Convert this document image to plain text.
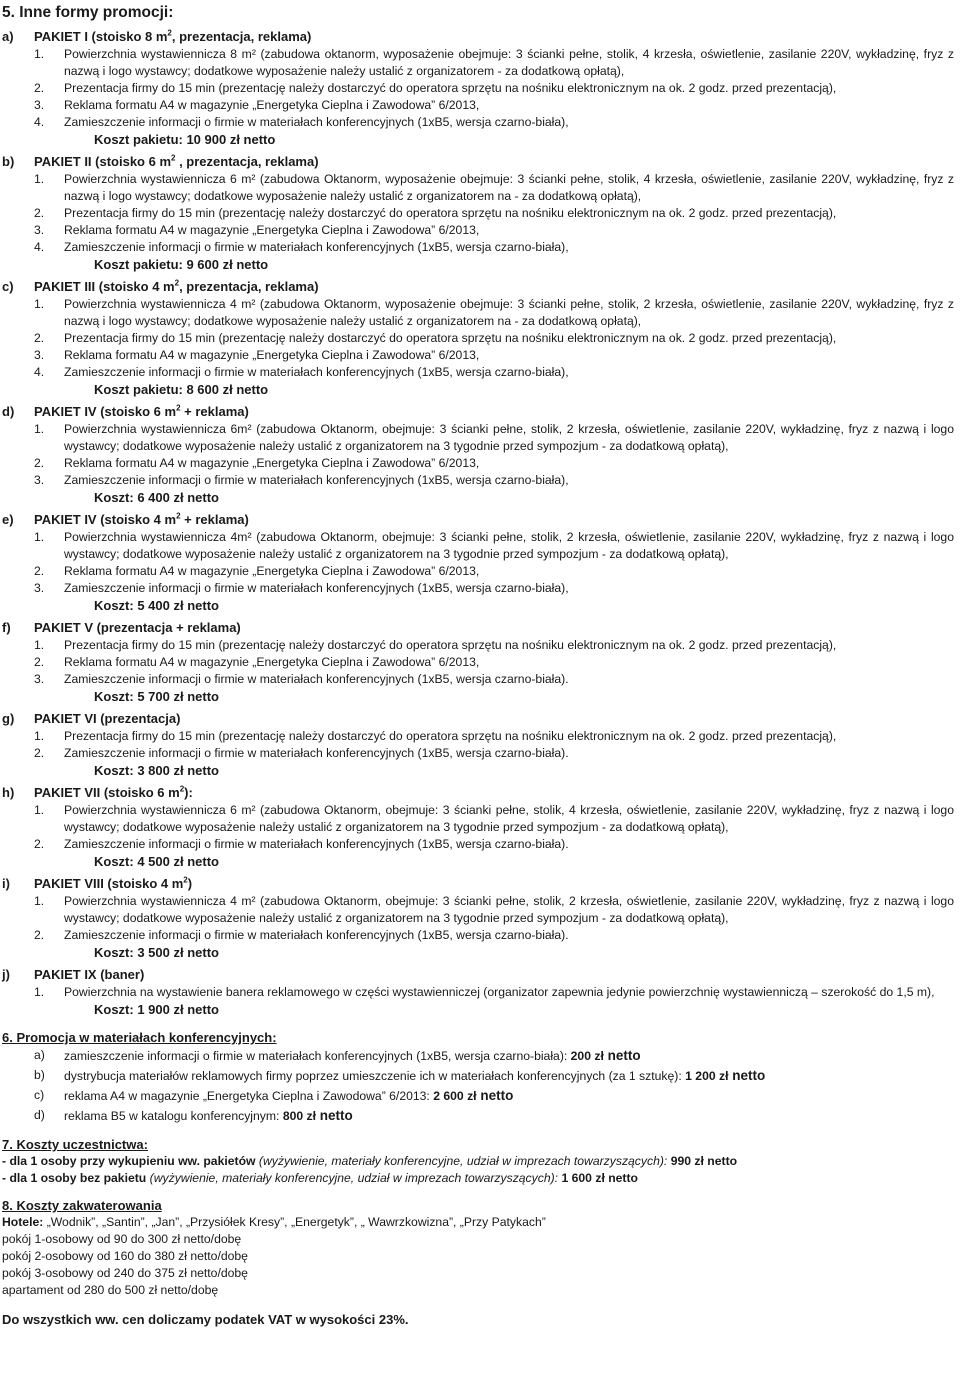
5. Inne formy promocji:
a)	PAKIET I (stoisko 8 $m^2$, prezentacja, reklama)
1.	Powierzchnia wystawiennicza 8 m² (zabudowa oktanorm, wyposażenie obejmuje: 3 ścianki pełne, stolik, 4 krzesła, oświetlenie, zasilanie 220V, wykładzinę, fryz z nazwą i logo wystawcy; dodatkowe wyposażenie należy ustalić z organizatorem - za dodatkową opłatą),
2.	Prezentacja firmy do 15 min (prezentację należy dostarczyć do operatora sprzętu na nośniku elektronicznym na ok. 2 godz. przed prezentacją),
3.	Reklama formatu A4 w magazynie „Energetyka Cieplna i Zawodowa” 6/2013,
4.	Zamieszczenie informacji o firmie w materiałach konferencyjnych (1xB5, wersja czarno-biała),
Koszt pakietu: 10 900 zł netto
b)	PAKIET II (stoisko 6 $m^2$ , prezentacja, reklama)
1.	Powierzchnia wystawiennicza 6 m² (zabudowa Oktanorm, wyposażenie obejmuje: 3 ścianki pełne, stolik, 4 krzesła, oświetlenie, zasilanie 220V, wykładzinę, fryz z nazwą i logo wystawcy; dodatkowe wyposażenie należy ustalić z organizatorem na - za dodatkową opłatą),
2.	Prezentacja firmy do 15 min (prezentację należy dostarczyć do operatora sprzętu na nośniku elektronicznym na ok. 2 godz. przed prezentacją),
3.	Reklama formatu A4 w magazynie „Energetyka Cieplna i Zawodowa” 6/2013,
4.	Zamieszczenie informacji o firmie w materiałach konferencyjnych (1xB5, wersja czarno-biała),
Koszt pakietu: 9 600 zł netto
c)	PAKIET III (stoisko 4 $m^2$, prezentacja, reklama)
1.	Powierzchnia wystawiennicza 4 m² (zabudowa Oktanorm, wyposażenie obejmuje: 3 ścianki pełne, stolik, 2 krzesła, oświetlenie, zasilanie 220V, wykładzinę, fryz z nazwą i logo wystawcy; dodatkowe wyposażenie należy ustalić z organizatorem na - za dodatkową opłatą),
2.	Prezentacja firmy do 15 min (prezentację należy dostarczyć do operatora sprzętu na nośniku elektronicznym na ok. 2 godz. przed prezentacją),
3.	Reklama formatu A4 w magazynie „Energetyka Cieplna i Zawodowa” 6/2013,
4.	Zamieszczenie informacji o firmie w materiałach konferencyjnych (1xB5, wersja czarno-biała),
Koszt pakietu: 8 600 zł netto
d)	PAKIET IV (stoisko 6 $m^2$ + reklama)
1.	Powierzchnia wystawiennicza 6m² (zabudowa Oktanorm, obejmuje: 3 ścianki pełne, stolik, 2 krzesła, oświetlenie, zasilanie 220V, wykładzinę, fryz z nazwą i logo wystawcy; dodatkowe wyposażenie należy ustalić z organizatorem na 3 tygodnie przed sympozjum - za dodatkową opłatą),
2.	Reklama formatu A4 w magazynie „Energetyka Cieplna i Zawodowa” 6/2013,
3.	Zamieszczenie informacji o firmie w materiałach konferencyjnych (1xB5, wersja czarno-biała),
Koszt: 6 400 zł netto
e)	PAKIET IV (stoisko 4 $m^2$ + reklama)
1.	Powierzchnia wystawiennicza 4m² (zabudowa Oktanorm, obejmuje: 3 ścianki pełne, stolik, 2 krzesła, oświetlenie, zasilanie 220V, wykładzinę, fryz z nazwą i logo wystawcy; dodatkowe wyposażenie należy ustalić z organizatorem na 3 tygodnie przed sympozjum - za dodatkową opłatą),
2.	Reklama formatu A4 w magazynie „Energetyka Cieplna i Zawodowa” 6/2013,
3.	Zamieszczenie informacji o firmie w materiałach konferencyjnych (1xB5, wersja czarno-biała),
Koszt: 5 400 zł netto
f)	PAKIET V (prezentacja + reklama)
1.	Prezentacja firmy do 15 min (prezentację należy dostarczyć do operatora sprzętu na nośniku elektronicznym na ok. 2 godz. przed prezentacją),
2.	Reklama formatu A4 w magazynie „Energetyka Cieplna i Zawodowa” 6/2013,
3.	Zamieszczenie informacji o firmie w materiałach konferencyjnych (1xB5, wersja czarno-biała).
Koszt: 5 700 zł netto
g)	PAKIET VI (prezentacja)
1.	Prezentacja firmy do 15 min (prezentację należy dostarczyć do operatora sprzętu na nośniku elektronicznym na ok. 2 godz. przed prezentacją),
2.	Zamieszczenie informacji o firmie w materiałach konferencyjnych (1xB5, wersja czarno-biała).
Koszt: 3 800 zł netto
h)	PAKIET VII (stoisko 6 $m^2$):
1.	Powierzchnia wystawiennicza 6 m² (zabudowa Oktanorm, obejmuje: 3 ścianki pełne, stolik, 4 krzesła, oświetlenie, zasilanie 220V, wykładzinę, fryz z nazwą i logo wystawcy; dodatkowe wyposażenie należy ustalić z organizatorem na 3 tygodnie przed sympozjum - za dodatkową opłatą),
2.	Zamieszczenie informacji o firmie w materiałach konferencyjnych (1xB5, wersja czarno-biała).
Koszt: 4 500 zł netto
i)	PAKIET VIII (stoisko 4 $m^2$)
1.	Powierzchnia wystawiennicza 4 m² (zabudowa Oktanorm, obejmuje: 3 ścianki pełne, stolik, 2 krzesła, oświetlenie, zasilanie 220V, wykładzinę, fryz z nazwą i logo wystawcy; dodatkowe wyposażenie należy ustalić z organizatorem na 3 tygodnie przed sympozjum - za dodatkową opłatą),
2.	Zamieszczenie informacji o firmie w materiałach konferencyjnych (1xB5, wersja czarno-biała).
Koszt: 3 500 zł netto
j)	PAKIET IX (baner)
1.	Powierzchnia na wystawienie banera reklamowego w części wystawienniczej (organizator zapewnia jedynie powierzchnię wystawienniczą – szerokość do 1,5 m),
Koszt: 1 900 zł netto
6. Promocja w materiałach konferencyjnych:
a)	zamieszczenie informacji o firmie w materiałach konferencyjnych (1xB5, wersja czarno-biała): 200 zł netto
b)	dystrybucja materiałów reklamowych firmy poprzez umieszczenie ich w materiałach konferencyjnych (za 1 sztukę): 1 200 zł netto
c)	reklama A4 w magazynie „Energetyka Cieplna i Zawodowa” 6/2013: 2 600 zł netto
d)	reklama B5 w katalogu konferencyjnym: 800 zł netto
7. Koszty uczestnictwa:
- dla 1 osoby przy wykupieniu ww. pakietów (wyżywienie, materiały konferencyjne, udział w imprezach towarzyszących): 990 zł netto
- dla 1 osoby bez pakietu (wyżywienie, materiały konferencyjne, udział w imprezach towarzyszących): 1 600 zł netto
8. Koszty zakwaterowania
Hotele: „Wodnik”, „Santin”, „Jan”, „Przysiółek Kresy”, „Energetyk”, „ Wawrzkowizna”, „Przy Patykach”
pokój 1-osobowy od 90 do 300 zł netto/dobę
pokój 2-osobowy od 160 do 380 zł netto/dobę
pokój 3-osobowy od 240 do 375 zł netto/dobę
apartament od 280 do 500 zł netto/dobę
Do wszystkich ww. cen doliczamy podatek VAT w wysokości 23%.
